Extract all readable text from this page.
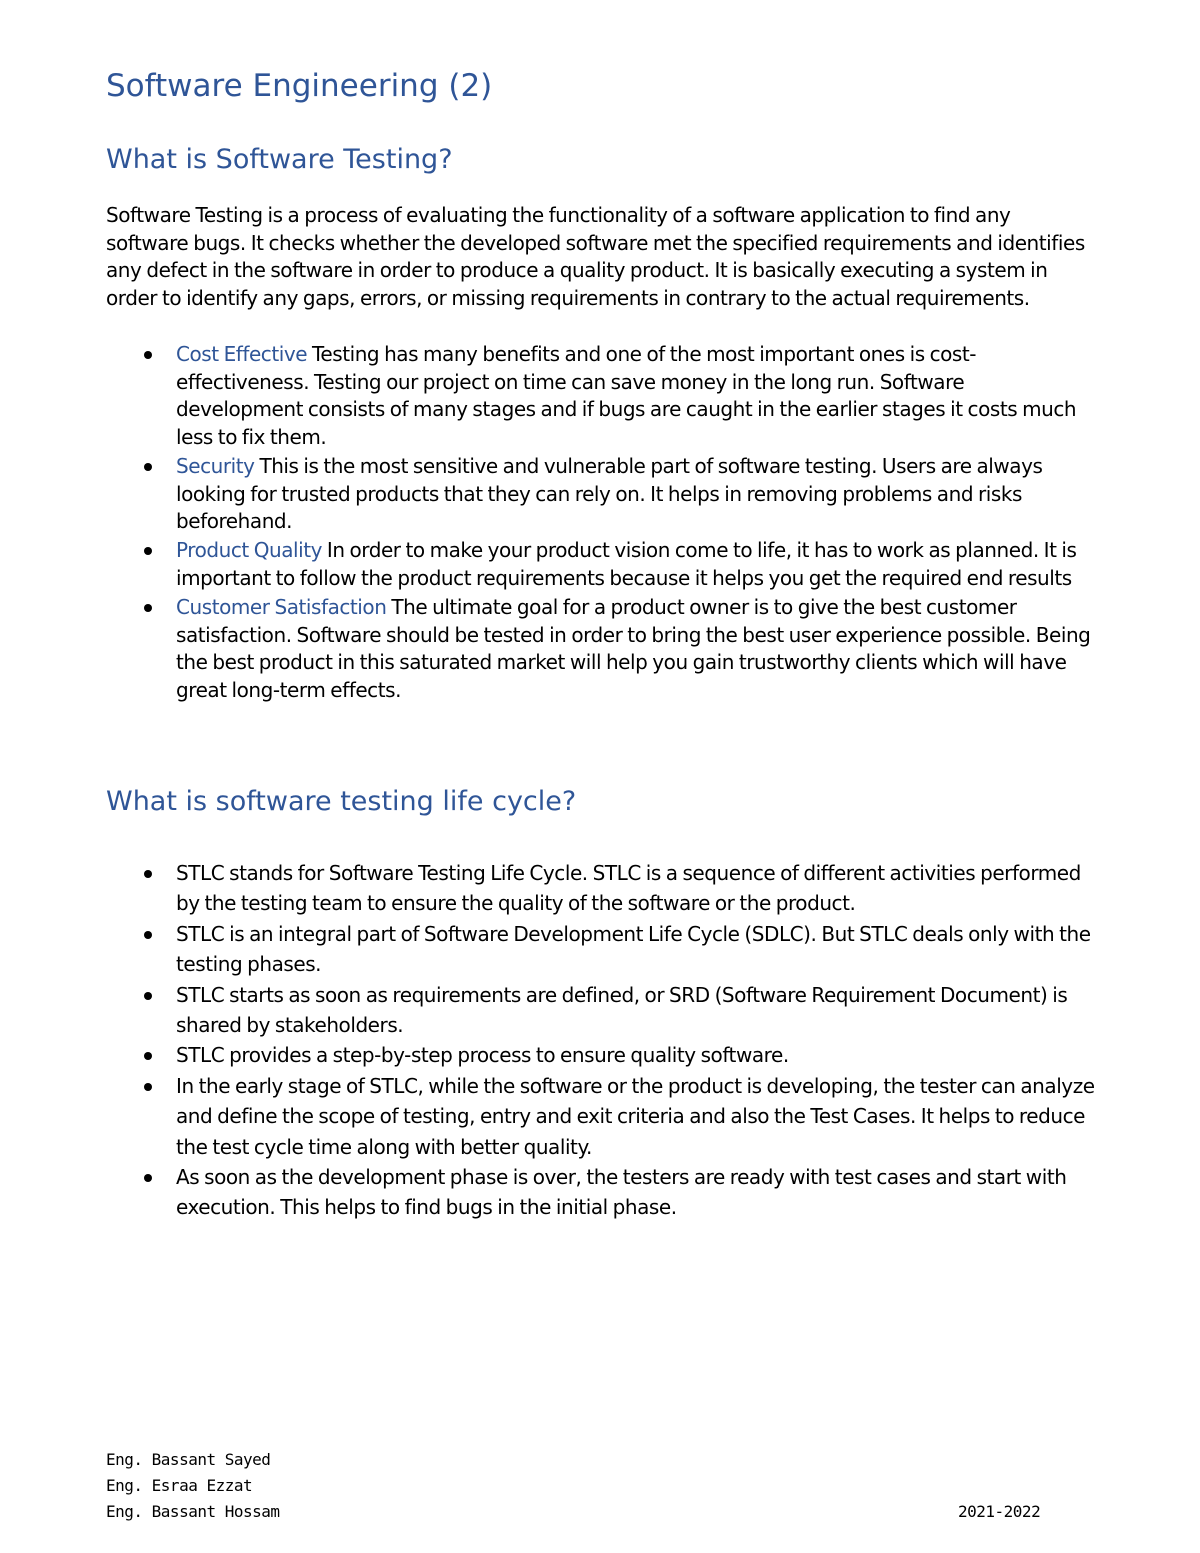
Software Engineering (2)
What is Software Testing?

Software Testing is a process of evaluating the functionality of a software application to find any software bugs. It checks whether the developed software met the specified requirements and identifies any defect in the software in order to produce a quality product. It is basically executing a system in order to identify any gaps, errors, or missing requirements in contrary to the actual requirements.

Cost Effective Testing has many benefits and one of the most important ones is cost-effectiveness. Testing our project on time can save money in the long run. Software development consists of many stages and if bugs are caught in the earlier stages it costs much less to fix them.
Security This is the most sensitive and vulnerable part of software testing. Users are always looking for trusted products that they can rely on. It helps in removing problems and risks beforehand.
Product Quality In order to make your product vision come to life, it has to work as planned. It is important to follow the product requirements because it helps you get the required end results
Customer Satisfaction The ultimate goal for a product owner is to give the best customer satisfaction. Software should be tested in order to bring the best user experience possible. Being the best product in this saturated market will help you gain trustworthy clients which will have great long-term effects.
What is software testing life cycle?
STLC stands for Software Testing Life Cycle. STLC is a sequence of different activities performed by the testing team to ensure the quality of the software or the product.
STLC is an integral part of Software Development Life Cycle (SDLC). But STLC deals only with the testing phases.
STLC starts as soon as requirements are defined, or SRD (Software Requirement Document) is shared by stakeholders.
STLC provides a step-by-step process to ensure quality software.
In the early stage of STLC, while the software or the product is developing, the tester can analyze and define the scope of testing, entry and exit criteria and also the Test Cases. It helps to reduce the test cycle time along with better quality.
As soon as the development phase is over, the testers are ready with test cases and start with execution. This helps to find bugs in the initial phase.
Eng. Bassant Sayed
Eng. Esraa Ezzat
Eng. Bassant Hossam	2021-2022
